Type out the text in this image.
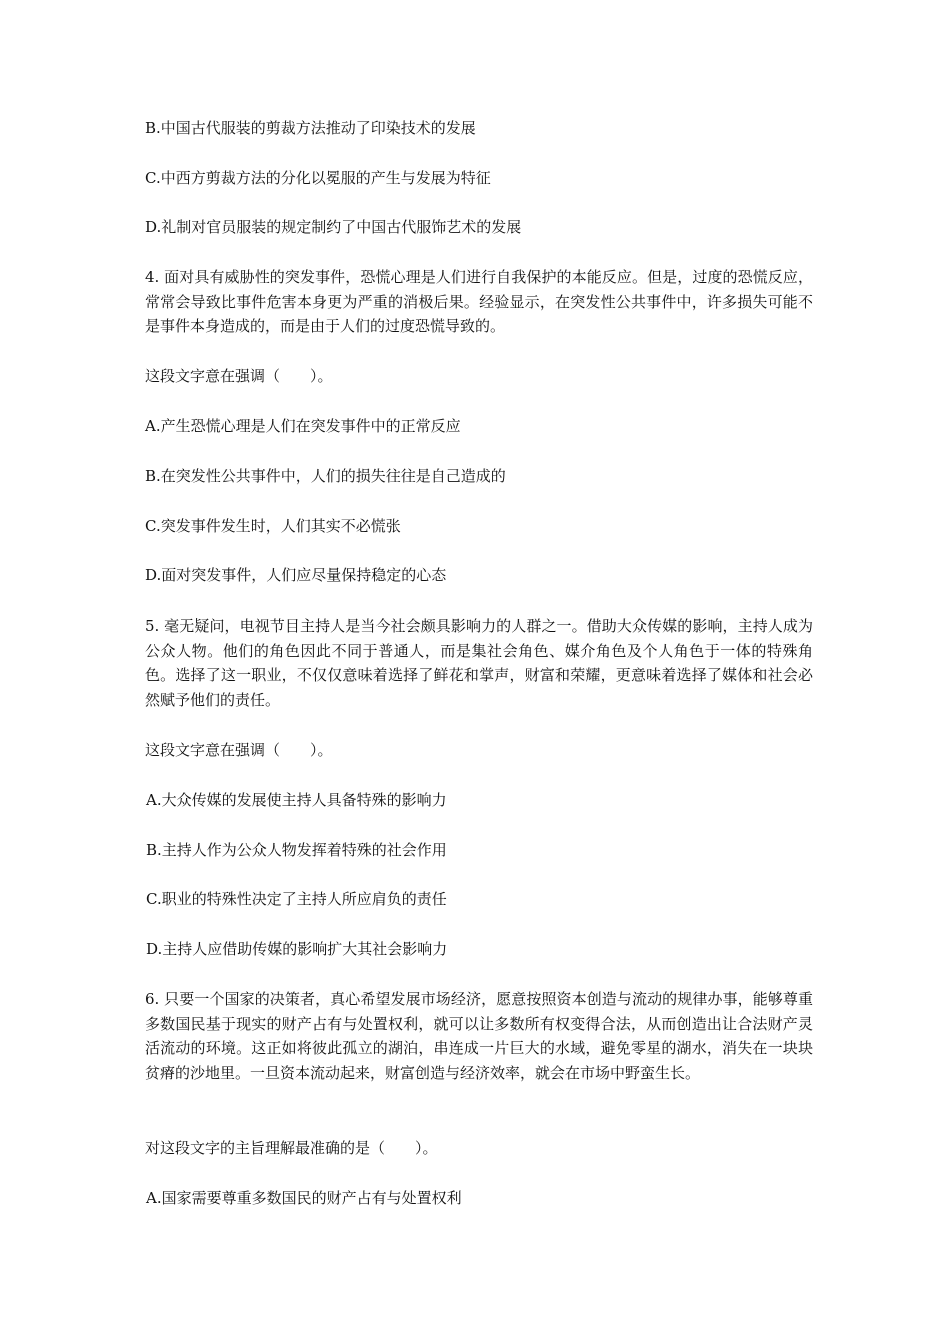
B.中国古代服装的剪裁方法推动了印染技术的发展
C.中西方剪裁方法的分化以冕服的产生与发展为特征
D.礼制对官员服装的规定制约了中国古代服饰艺术的发展
4. 面对具有威胁性的突发事件，恐慌心理是人们进行自我保护的本能反应。但是，过度的恐慌反应，常常会导致比事件危害本身更为严重的消极后果。经验显示，在突发性公共事件中，许多损失可能不是事件本身造成的，而是由于人们的过度恐慌导致的。
这段文字意在强调（　　）。
A.产生恐慌心理是人们在突发事件中的正常反应
B.在突发性公共事件中，人们的损失往往是自己造成的
C.突发事件发生时，人们其实不必慌张
D.面对突发事件，人们应尽量保持稳定的心态
5. 毫无疑问，电视节目主持人是当今社会颇具影响力的人群之一。借助大众传媒的影响，主持人成为公众人物。他们的角色因此不同于普通人，而是集社会角色、媒介角色及个人角色于一体的特殊角色。选择了这一职业，不仅仅意味着选择了鲜花和掌声，财富和荣耀，更意味着选择了媒体和社会必然赋予他们的责任。
这段文字意在强调（　　）。
A.大众传媒的发展使主持人具备特殊的影响力
B.主持人作为公众人物发挥着特殊的社会作用
C.职业的特殊性决定了主持人所应肩负的责任
D.主持人应借助传媒的影响扩大其社会影响力
6. 只要一个国家的决策者，真心希望发展市场经济，愿意按照资本创造与流动的规律办事，能够尊重多数国民基于现实的财产占有与处置权利，就可以让多数所有权变得合法，从而创造出让合法财产灵活流动的环境。这正如将彼此孤立的湖泊，串连成一片巨大的水域，避免零星的湖水，消失在一块块贫瘠的沙地里。一旦资本流动起来，财富创造与经济效率，就会在市场中野蛮生长。
对这段文字的主旨理解最准确的是（　　）。
A.国家需要尊重多数国民的财产占有与处置权利
